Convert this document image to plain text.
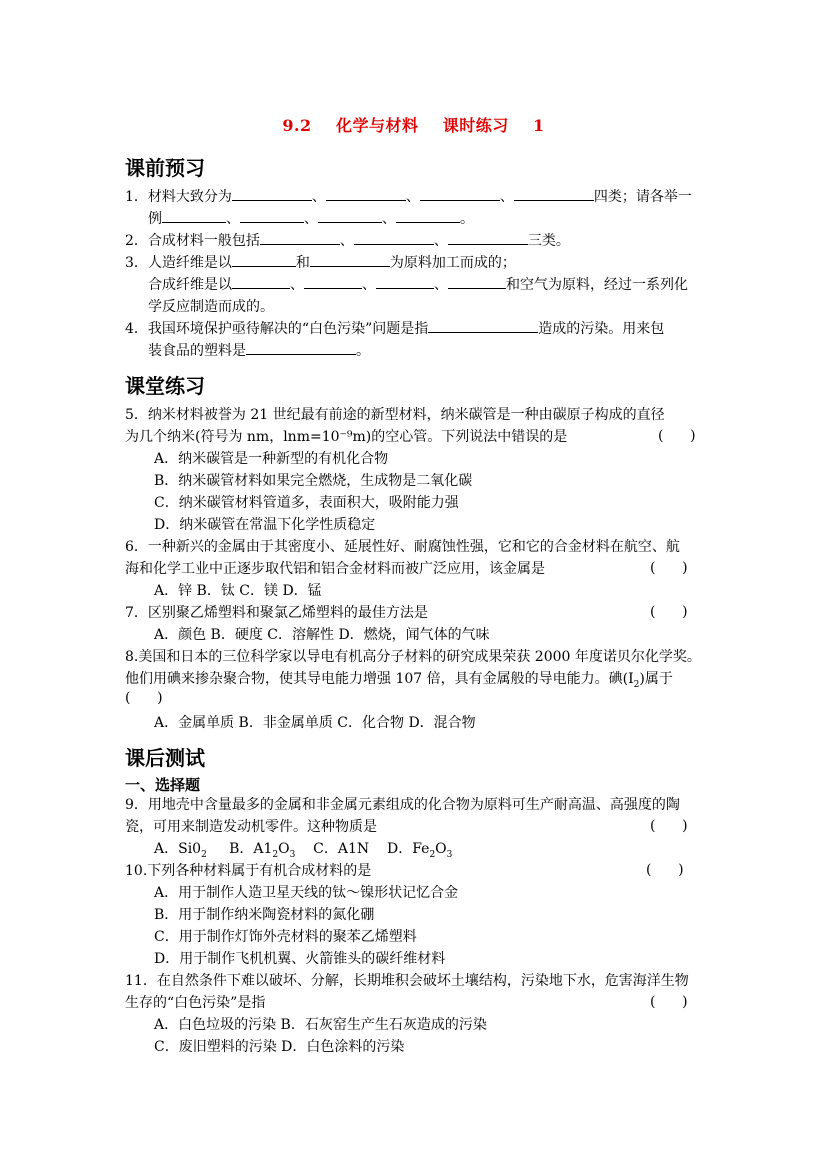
9.2    化学与材料    课时练习    1
课前预习
1．材料大致分为	、	、	、	四类；请各举一
例	、	、	、	。
2．合成材料一般包括	、	、	三类。
3．人造纤维是以	和	为原料加工而成的；
合成纤维是以	、	、	、	和空气为原料，经过一系列化
学反应制造而成的。
4．我国环境保护亟待解决的“白色污染”问题是指	造成的污染。用来包
装食品的塑料是	。
课堂练习
5．纳米材料被誉为 21 世纪最有前途的新型材料，纳米碳管是一种由碳原子构成的直径
为几个纳米(符号为 nm，lnm=10⁻⁹m)的空心管。下列说法中错误的是	(      )
A．纳米碳管是一种新型的有机化合物
B．纳米碳管材料如果完全燃烧，生成物是二氧化碳
C．纳米碳管材料管道多，表面积大，吸附能力强
D．纳米碳管在常温下化学性质稳定
6．一种新兴的金属由于其密度小、延展性好、耐腐蚀性强，它和它的合金材料在航空、航
海和化学工业中正逐步取代铝和铝合金材料而被广泛应用，该金属是	(      )
A．锌 B．钛 C．镁 D．锰
7．区别聚乙烯塑料和聚氯乙烯塑料的最佳方法是	(      )
A．颜色 B．硬度 C．溶解性 D．燃烧，闻气体的气味
8.美国和日本的三位科学家以导电有机高分子材料的研究成果荣获 2000 年度诺贝尔化学奖。
他们用碘来掺杂聚合物，使其导电能力增强 107 倍，具有金属般的导电能力。碘$(I_2)$属于
(      )
A．金属单质 B．非金属单质 C．化合物 D．混合物
课后测试
一、选择题
9．用地壳中含量最多的金属和非金属元素组成的化合物为原料可生产耐高温、高强度的陶
瓷，可用来制造发动机零件。这种物质是	(      )
A．$Si0_2$ B．$A1_2O_3$ C．A1N D．$Fe_2O_3$
10.下列各种材料属于有机合成材料的是	(      )
A．用于制作人造卫星天线的钛～镍形状记忆合金
B．用于制作纳米陶瓷材料的氮化硼
C．用于制作灯饰外壳材料的聚苯乙烯塑料
D．用于制作飞机机翼、火箭锥头的碳纤维材料
11．在自然条件下难以破坏、分解，长期堆积会破坏土壤结构，污染地下水，危害海洋生物
生存的“白色污染”是指	(      )
A．白色垃圾的污染 B．石灰窑生产生石灰造成的污染
C．废旧塑料的污染 D．白色涂料的污染
